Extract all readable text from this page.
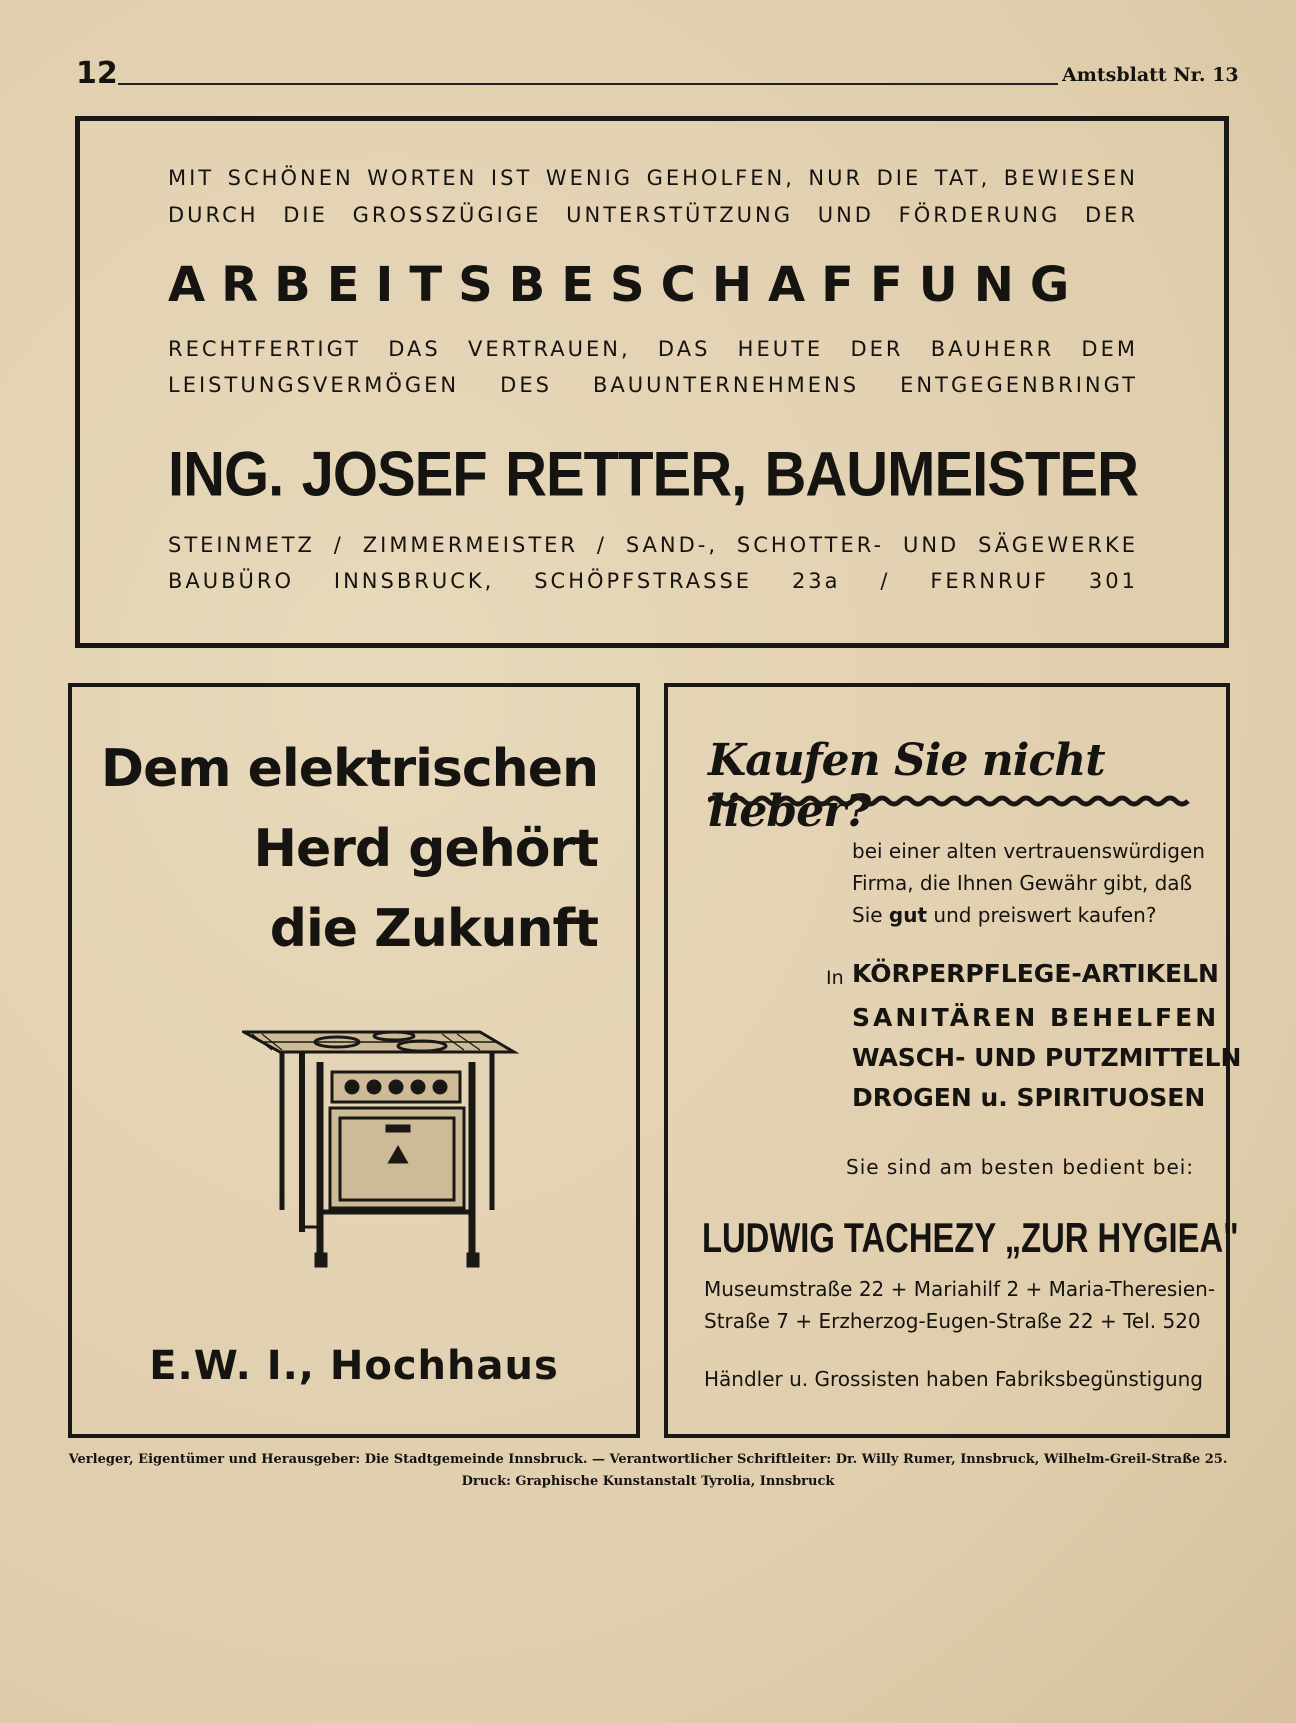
12	Amtsblatt Nr. 13
MIT SCHÖNEN WORTEN IST WENIG GEHOLFEN, NUR DIE TAT, BEWIESEN
DURCH DIE GROSSZÜGIGE UNTERSTÜTZUNG UND FÖRDERUNG DER
ARBEITSBESCHAFFUNG
RECHTFERTIGT DAS VERTRAUEN, DAS HEUTE DER BAUHERR DEM
LEISTUNGSVERMÖGEN DES BAUUNTERNEHMENS ENTGEGENBRINGT
ING. JOSEF RETTER, BAUMEISTER
STEINMETZ / ZIMMERMEISTER / SAND-, SCHOTTER- UND SÄGEWERKE
BAUBÜRO INNSBRUCK, SCHÖPFSTRASSE 23a / FERNRUF 301
Dem elektrischen
Herd gehört
die Zukunft
E.W. I., Hochhaus
Kaufen Sie nicht lieber?
bei einer alten vertrauenswürdigen
Firma, die Ihnen Gewähr gibt, daß
Sie gut und preiswert kaufen?
In KÖRPERPFLEGE-ARTIKELN
SANITÄREN BEHELFEN
WASCH- UND PUTZMITTELN
DROGEN u. SPIRITUOSEN
Sie sind am besten bedient bei:
LUDWIG TACHEZY „ZUR HYGIEA"
Museumstraße 22 + Mariahilf 2 + Maria-Theresien-
Straße 7 + Erzherzog-Eugen-Straße 22 + Tel. 520
Händler u. Grossisten haben Fabriksbegünstigung
Verleger, Eigentümer und Herausgeber: Die Stadtgemeinde Innsbruck. — Verantwortlicher Schriftleiter: Dr. Willy Rumer, Innsbruck, Wilhelm-Greil-Straße 25.
Druck: Graphische Kunstanstalt Tyrolia, Innsbruck
